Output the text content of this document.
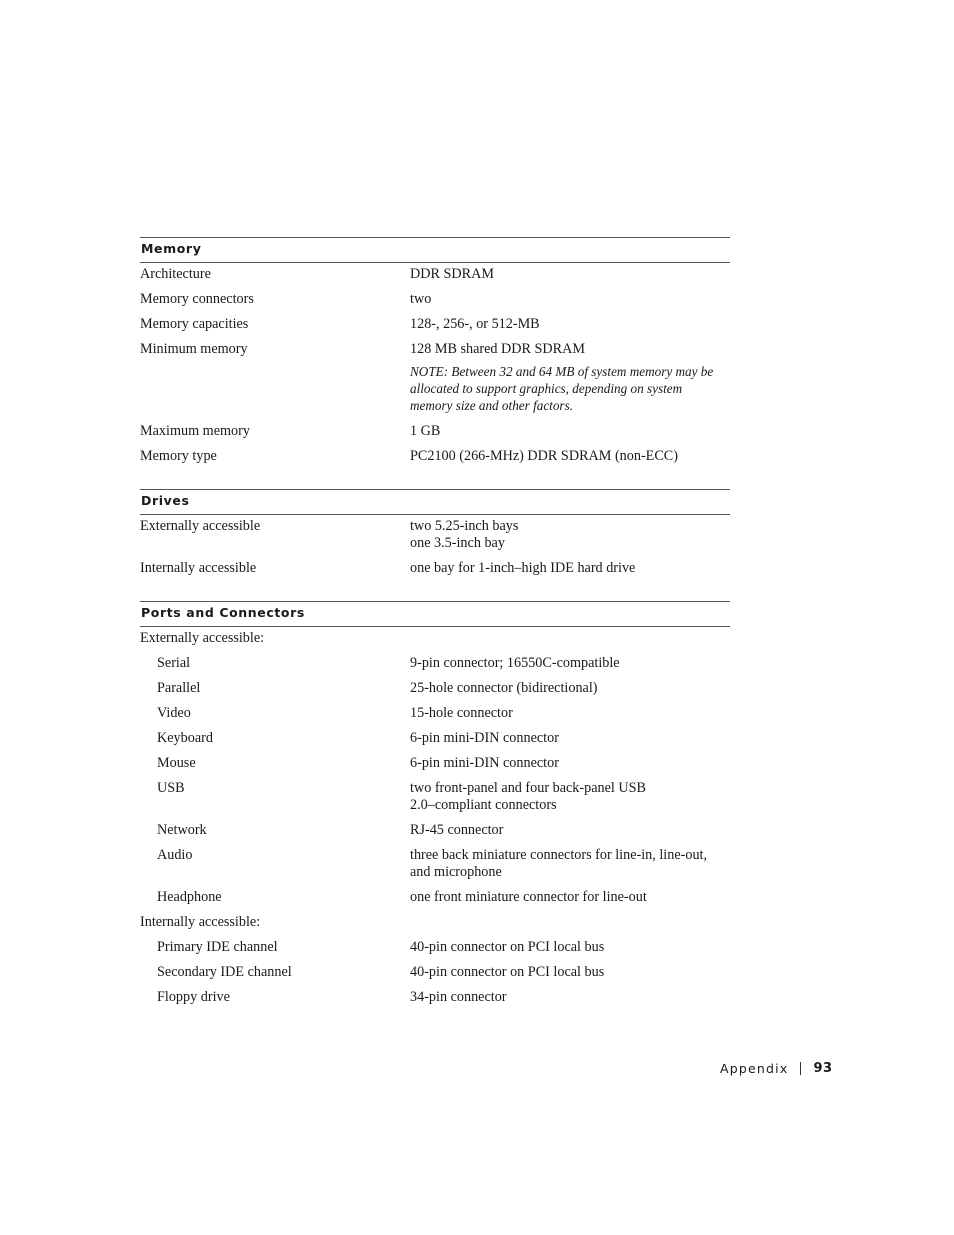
Memory
Architecture	DDR SDRAM
Memory connectors	two
Memory capacities	128-, 256-, or 512-MB
Minimum memory	128 MB shared DDR SDRAM
NOTE: Between 32 and 64 MB of system memory may be
allocated to support graphics, depending on system
memory size and other factors.
Maximum memory	1 GB
Memory type	PC2100 (266-MHz) DDR SDRAM (non-ECC)
Drives
Externally accessible	two 5.25-inch bays
one 3.5-inch bay
Internally accessible	one bay for 1-inch–high IDE hard drive
Ports and Connectors
Externally accessible:
Serial	9-pin connector; 16550C-compatible
Parallel	25-hole connector (bidirectional)
Video	15-hole connector
Keyboard	6-pin mini-DIN connector
Mouse	6-pin mini-DIN connector
USB	two front-panel and four back-panel USB
2.0–compliant connectors
Network	RJ-45 connector
Audio	three back miniature connectors for line-in, line-out,
and microphone
Headphone	one front miniature connector for line-out
Internally accessible:
Primary IDE channel	40-pin connector on PCI local bus
Secondary IDE channel	40-pin connector on PCI local bus
Floppy drive	34-pin connector
Appendix 93
